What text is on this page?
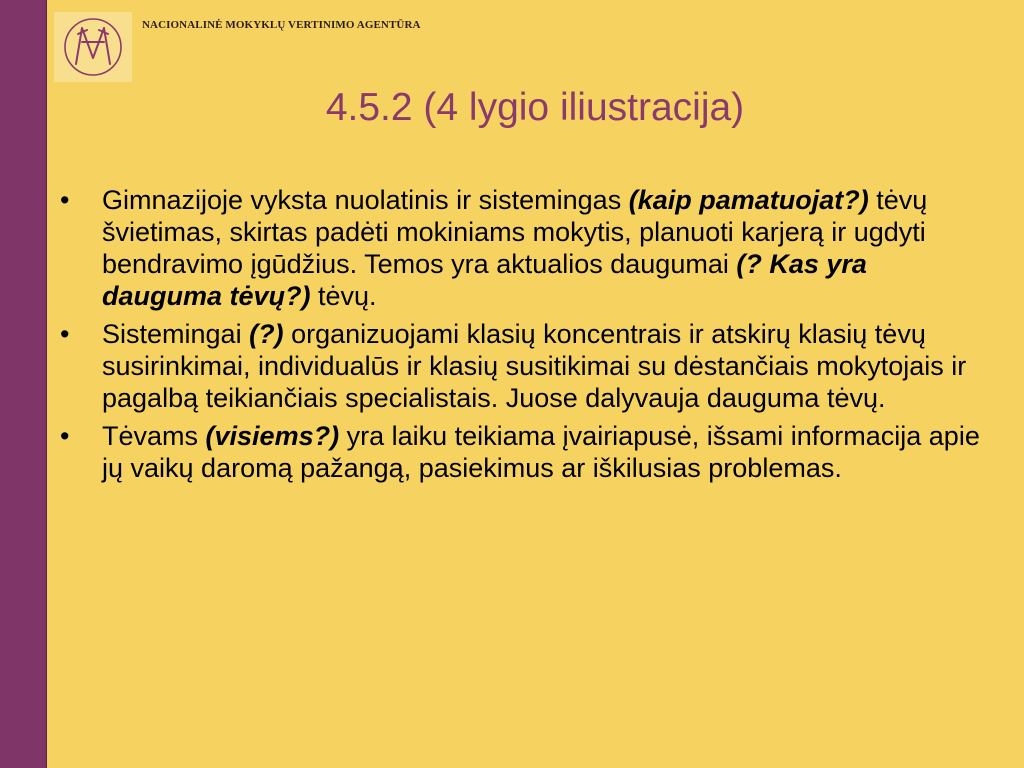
NACIONALINĖ MOKYKLŲ VERTINIMO AGENTŪRA
4.5.2 (4 lygio iliustracija)
• Gimnazijoje vyksta nuolatinis ir sistemingas (kaip pamatuojat?) tėvų švietimas, skirtas padėti mokiniams mokytis, planuoti karjerą ir ugdyti bendravimo įgūdžius. Temos yra aktualios daugumai (? Kas yra dauguma tėvų?) tėvų.
• Sistemingai (?) organizuojami klasių koncentrais ir atskirų klasių tėvų susirinkimai, individualūs ir klasių susitikimai su dėstančiais mokytojais ir pagalbą teikiančiais specialistais. Juose dalyvauja dauguma tėvų.
• Tėvams (visiems?) yra laiku teikiama įvairiapusė, išsami informacija apie jų vaikų daromą pažangą, pasiekimus ar iškilusias problemas.
